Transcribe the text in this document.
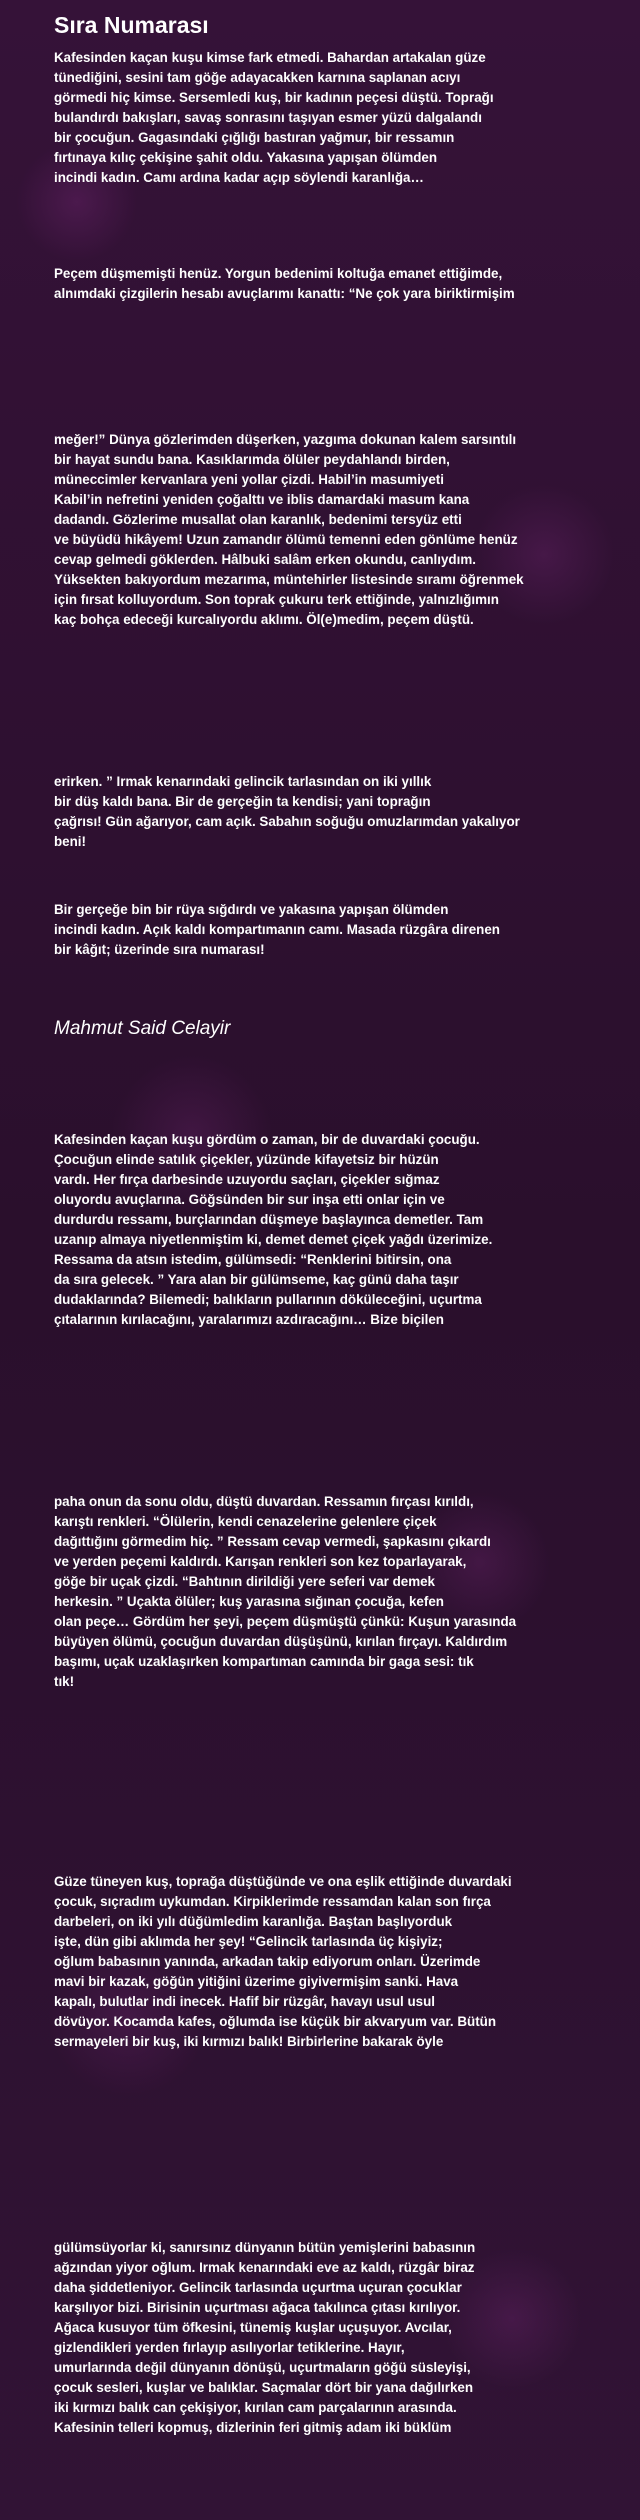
Sıra Numarası
Kafesinden kaçan kuşu kimse fark etmedi. Bahardan artakalan güze
tünediğini, sesini tam göğe adayacakken karnına saplanan acıyı
görmedi hiç kimse. Sersemledi kuş, bir kadının peçesi düştü. Toprağı
bulandırdı bakışları, savaş sonrasını taşıyan esmer yüzü dalgalandı
bir çocuğun. Gagasındaki çığlığı bastıran yağmur, bir ressamın
fırtınaya kılıç çekişine şahit oldu. Yakasına yapışan ölümden
incindi kadın. Camı ardına kadar açıp söylendi karanlığa…
Peçem düşmemişti henüz. Yorgun bedenimi koltuğa emanet ettiğimde,
alnımdaki çizgilerin hesabı avuçlarımı kanattı: “Ne çok yara biriktirmişim
meğer!” Dünya gözlerimden düşerken, yazgıma dokunan kalem sarsıntılı
bir hayat sundu bana. Kasıklarımda ölüler peydahlandı birden,
müneccimler kervanlara yeni yollar çizdi. Habil’in masumiyeti
Kabil’in nefretini yeniden çoğalttı ve iblis damardaki masum kana
dadandı. Gözlerime musallat olan karanlık, bedenimi tersyüz etti
ve büyüdü hikâyem! Uzun zamandır ölümü temenni eden gönlüme henüz
cevap gelmedi göklerden. Hâlbuki salâm erken okundu, canlıydım.
Yüksekten bakıyordum mezarıma, müntehirler listesinde sıramı öğrenmek
için fırsat kolluyordum. Son toprak çukuru terk ettiğinde, yalnızlığımın
kaç bohça edeceği kurcalıyordu aklımı. Öl(e)medim, peçem düştü.
erirken. ” Irmak kenarındaki gelincik tarlasından on iki yıllık
bir düş kaldı bana. Bir de gerçeğin ta kendisi; yani toprağın
çağrısı! Gün ağarıyor, cam açık. Sabahın soğuğu omuzlarımdan yakalıyor
beni!
Bir gerçeğe bin bir rüya sığdırdı ve yakasına yapışan ölümden
incindi kadın. Açık kaldı kompartımanın camı. Masada rüzgâra direnen
bir kâğıt; üzerinde sıra numarası!
Mahmut Said Celayir
Kafesinden kaçan kuşu gördüm o zaman, bir de duvardaki çocuğu.
Çocuğun elinde satılık çiçekler, yüzünde kifayetsiz bir hüzün
vardı. Her fırça darbesinde uzuyordu saçları, çiçekler sığmaz
oluyordu avuçlarına. Göğsünden bir sur inşa etti onlar için ve
durdurdu ressamı, burçlarından düşmeye başlayınca demetler. Tam
uzanıp almaya niyetlenmiştim ki, demet demet çiçek yağdı üzerimize.
Ressama da atsın istedim, gülümsedi: “Renklerini bitirsin, ona
da sıra gelecek. ” Yara alan bir gülümseme, kaç günü daha taşır
dudaklarında? Bilemedi; balıkların pullarının döküleceğini, uçurtma
çıtalarının kırılacağını, yaralarımızı azdıracağını… Bize biçilen
paha onun da sonu oldu, düştü duvardan. Ressamın fırçası kırıldı,
karıştı renkleri. “Ölülerin, kendi cenazelerine gelenlere çiçek
dağıttığını görmedim hiç. ” Ressam cevap vermedi, şapkasını çıkardı
ve yerden peçemi kaldırdı. Karışan renkleri son kez toparlayarak,
göğe bir uçak çizdi. “Bahtının dirildiği yere seferi var demek
herkesin. ” Uçakta ölüler; kuş yarasına sığınan çocuğa, kefen
olan peçe… Gördüm her şeyi, peçem düşmüştü çünkü: Kuşun yarasında
büyüyen ölümü, çocuğun duvardan düşüşünü, kırılan fırçayı. Kaldırdım
başımı, uçak uzaklaşırken kompartıman camında bir gaga sesi: tık
tık!
Güze tüneyen kuş, toprağa düştüğünde ve ona eşlik ettiğinde duvardaki
çocuk, sıçradım uykumdan. Kirpiklerimde ressamdan kalan son fırça
darbeleri, on iki yılı düğümledim karanlığa. Baştan başlıyorduk
işte, dün gibi aklımda her şey! “Gelincik tarlasında üç kişiyiz;
oğlum babasının yanında, arkadan takip ediyorum onları. Üzerimde
mavi bir kazak, göğün yitiğini üzerime giyivermişim sanki. Hava
kapalı, bulutlar indi inecek. Hafif bir rüzgâr, havayı usul usul
dövüyor. Kocamda kafes, oğlumda ise küçük bir akvaryum var. Bütün
sermayeleri bir kuş, iki kırmızı balık! Birbirlerine bakarak öyle
gülümsüyorlar ki, sanırsınız dünyanın bütün yemişlerini babasının
ağzından yiyor oğlum. Irmak kenarındaki eve az kaldı, rüzgâr biraz
daha şiddetleniyor. Gelincik tarlasında uçurtma uçuran çocuklar
karşılıyor bizi. Birisinin uçurtması ağaca takılınca çıtası kırılıyor.
Ağaca kusuyor tüm öfkesini, tünemiş kuşlar uçuşuyor. Avcılar,
gizlendikleri yerden fırlayıp asılıyorlar tetiklerine. Hayır,
umurlarında değil dünyanın dönüşü, uçurtmaların göğü süsleyişi,
çocuk sesleri, kuşlar ve balıklar. Saçmalar dört bir yana dağılırken
iki kırmızı balık can çekişiyor, kırılan cam parçalarının arasında.
Kafesinin telleri kopmuş, dizlerinin feri gitmiş adam iki büklüm
